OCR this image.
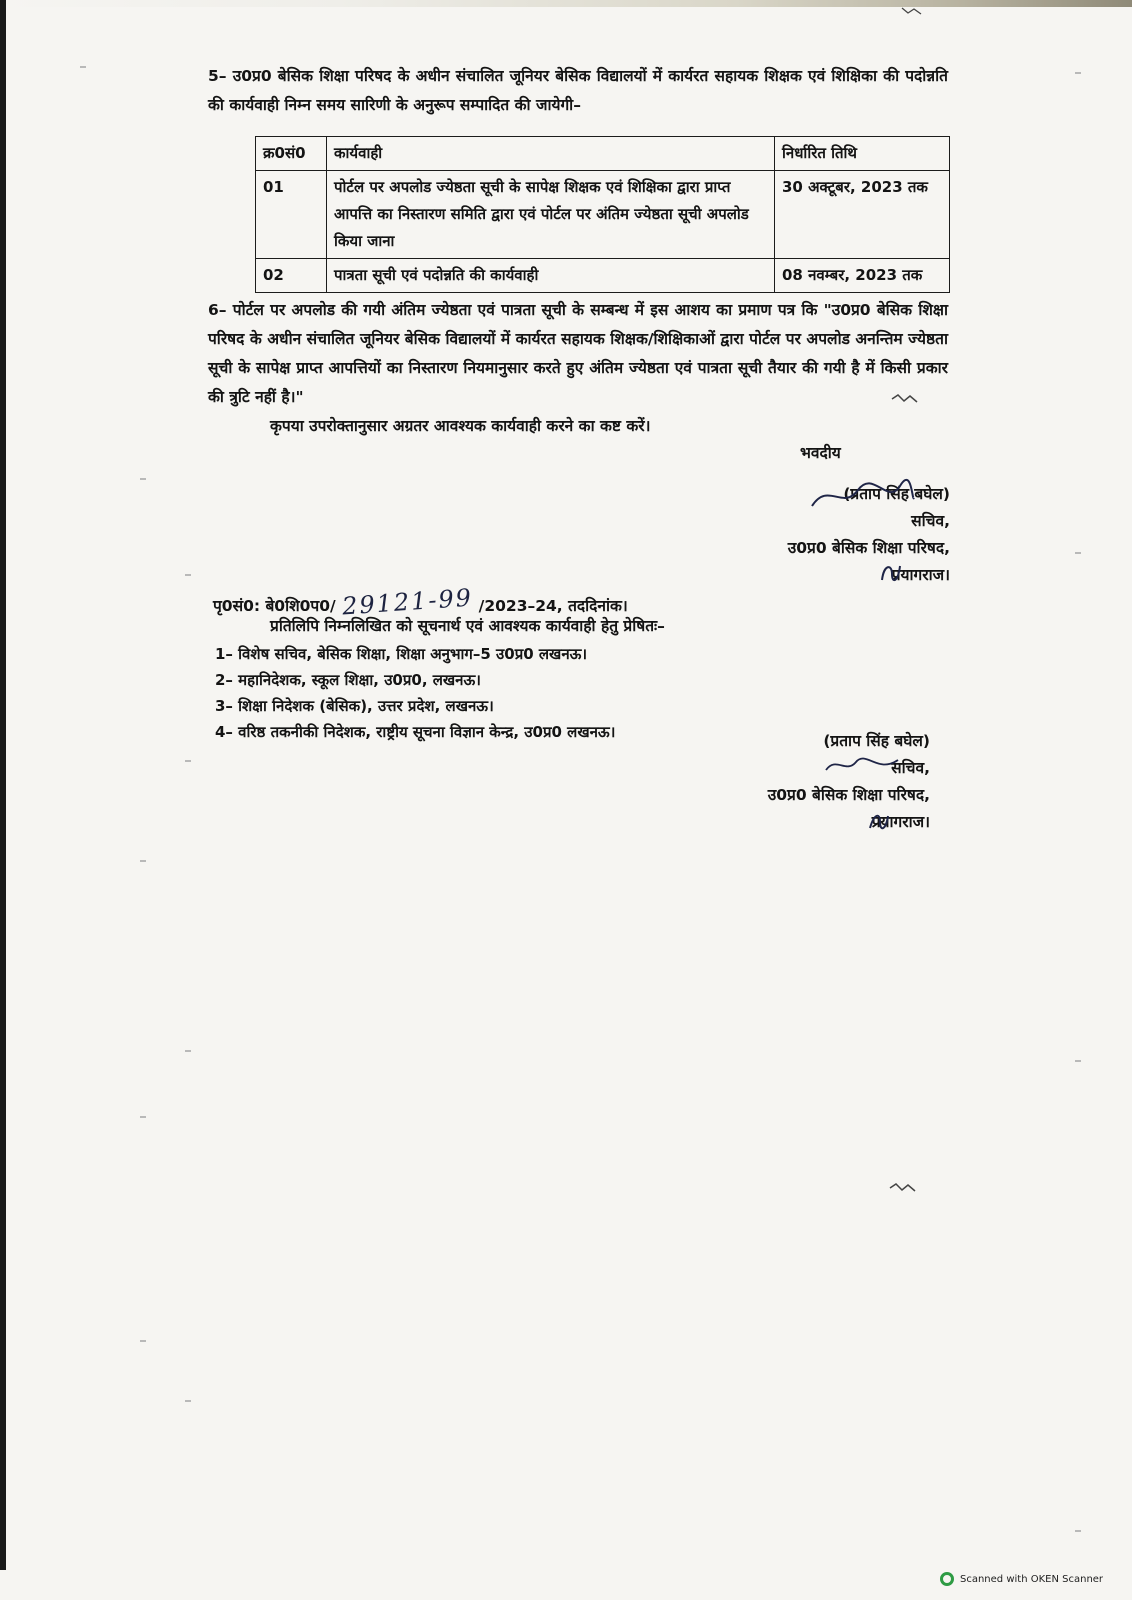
5– उ0प्र0 बेसिक शिक्षा परिषद के अधीन संचालित जूनियर बेसिक विद्यालयों में कार्यरत सहायक शिक्षक एवं शिक्षिका की पदोन्नति की कार्यवाही निम्न समय सारिणी के अनुरूप सम्पादित की जायेगी–

क्र0सं0	कार्यवाही	निर्धारित तिथि
01	पोर्टल पर अपलोड ज्येष्ठता सूची के सापेक्ष शिक्षक एवं शिक्षिका द्वारा प्राप्त आपत्ति का निस्तारण समिति द्वारा एवं पोर्टल पर अंतिम ज्येष्ठता सूची अपलोड किया जाना	30 अक्टूबर, 2023 तक
02	पात्रता सूची एवं पदोन्नति की कार्यवाही	08 नवम्बर, 2023 तक

6– पोर्टल पर अपलोड की गयी अंतिम ज्येष्ठता एवं पात्रता सूची के सम्बन्ध में इस आशय का प्रमाण पत्र कि "उ0प्र0 बेसिक शिक्षा परिषद के अधीन संचालित जूनियर बेसिक विद्यालयों में कार्यरत सहायक शिक्षक/शिक्षिकाओं द्वारा पोर्टल पर अपलोड अनन्तिम ज्येष्ठता सूची के सापेक्ष प्राप्त आपत्तियों का निस्तारण नियमानुसार करते हुए अंतिम ज्येष्ठता एवं पात्रता सूची तैयार की गयी है में किसी प्रकार की त्रुटि नहीं है।"

कृपया उपरोक्तानुसार अग्रतर आवश्यक कार्यवाही करने का कष्ट करें।
भवदीय
(प्रताप सिंह बघेल)
सचिव,
उ0प्र0 बेसिक शिक्षा परिषद,
प्रयागराज।
पृ0सं0: बे0शि0प0/ 29121-99 /2023–24, तददिनांक।
प्रतिलिपि निम्नलिखित को सूचनार्थ एवं आवश्यक कार्यवाही हेतु प्रेषितः–
1– विशेष सचिव, बेसिक शिक्षा, शिक्षा अनुभाग–5 उ0प्र0 लखनऊ।
2– महानिदेशक, स्कूल शिक्षा, उ0प्र0, लखनऊ।
3– शिक्षा निदेशक (बेसिक), उत्तर प्रदेश, लखनऊ।
4– वरिष्ठ तकनीकी निदेशक, राष्ट्रीय सूचना विज्ञान केन्द्र, उ0प्र0 लखनऊ।	(प्रताप सिंह बघेल)
सचिव,
उ0प्र0 बेसिक शिक्षा परिषद,
प्रयागराज।
Scanned with OKEN Scanner
